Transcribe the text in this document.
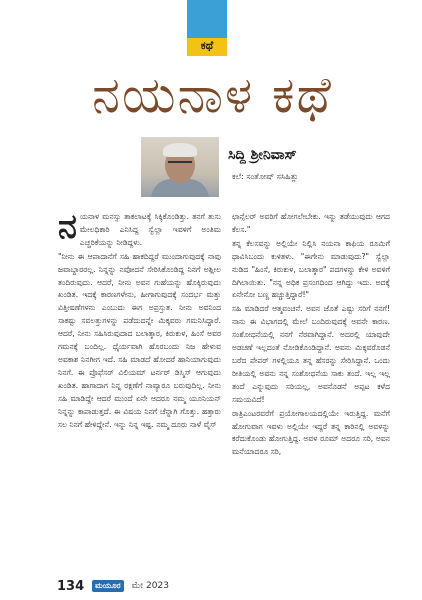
ಕಥೆ
ನಯನಾಳ ಕಥೆ
ಸಿದ್ದಿ ಶ್ರೀನಿವಾಸ್
ಕಲೆ: ಸಂತೋಷ್ ಸಸಿಹಿತ್ಲು
ನ ಯನಾಳ ಮನಸ್ಸು ತಾಕಲಾಟಕ್ಕೆ ಸಿಕ್ಕಿಕೊಂಡಿತ್ತು. ತನಗೆ ತುಸು ಮೇಲಧಿಕಾರಿ ಎನಿಸಿದ್ದ ಸ್ವೆಲ್ಲಾ ಇವಳಿಗೆ ಅಂತಿಮ ಎಚ್ಚರಿಕೆಯನ್ನು ನೀಡಿದ್ದಳು.

"ನೀನು ಈ ಆಪಾದಾನೆಗೆ ಸಹಿ ಹಾಕದಿದ್ದರೆ ಮುಂದಾಗುವುದಕ್ಕೆ ನಾವು ಜವಾಬ್ದಾರರಲ್ಲ. ನಿನ್ನನ್ನು ನವೋದನೆ ಸೇರಿಸಿಕೊಂಡಿದ್ದ ನಿನಗೆ ಅಶ್ಲೀಲ ತಂದಿರುವುದು. ಆದರೆ, ನೀನು ಅವನ ಗುಹೆಯನ್ನು ಹೊಕ್ಕಿರುವುದು ಖಂಡಿತ. ಇದಕ್ಕೆ ಕಾರಣಗಳೇನು, ಹೀಗಾಗುವುದಕ್ಕೆ ಸಂದರ್ಭ ಮತ್ತು ವಿತ್ತೀಷಣೆಗಳನು ಎಂಬುದು ಈಗ ಅಪ್ರಸ್ತುತ. ನೀನು ಅವನಿಂದ ಸಾಕಷ್ಟು ಸವಲತ್ತುಗಳನ್ನು ಪಡೆದುದನ್ನೇ ಮಿಕ್ಕವರು ಗಮನಿಸಿದ್ದಾರೆ. ಆದರೆ, ನೀನು ಸಹಿಸಿರುವುದಾದ ಬಲಾತ್ಕಾರ, ಕಿರುಕುಳ, ಹಿಂಸೆ ಅವರ ಗಮನಕ್ಕೆ ಬಂದಿಲ್ಲ. ಧೈರ್ಯವಾಗಿ ಹೊರಬಂದು ನಿಜ ಹೇಳುವ ಅವಕಾಶ ನಿನಗೀಗ ಇದೆ. ಸಹಿ ಮಾಡದೆ ಹೋದರೆ ಹಾನಿಯಾಗುವುದು ನಿನಗೆ. ಈ ಪ್ರೊಫೆಸರ್ ವಿಲಿಯಮ್ ಟರ್ನರ್ ಡಿಸ್ಮಿಸ್ ಆಗುವುದು ಖಂಡಿತ. ಹಾಗಾದಾಗ ನಿನ್ನ ರಕ್ಷಣೆಗೆ ನಾವ್ಯಾರೂ ಬರುವುದಿಲ್ಲ. ನೀನು ಸಹಿ ಮಾಡಿದ್ದೇ ಆದರೆ ಮುಂದೆ ಏನೇ ಆದರೂ ನಮ್ಮ ಯೂನಿಯನ್ ನಿನ್ನನ್ನು ಕಾಪಾಡುತ್ತದೆ. ಈ ವಿಷಯ ನಿನಗೆ ಚೆನ್ನಾಗಿ ಗೊತ್ತು. ಹತ್ತಾರು ಸಲ ನಿನಗೆ ಹೇಳಿದ್ದೇನೆ. ಇನ್ನು ನಿನ್ನ ಇಷ್ಟ. ನಮ್ಮ ದೂರು ನಾಳೆ ವೈಸ್

ಛಾನ್ಸೆಲರ್ ಅವರಿಗೆ ಹೋಗಲೇಬೇಕು. ಇನ್ನು ತಡೆಯುವುದು ಆಗದ ಕೆಲಸ."

ತನ್ನ ಕೆಲಸವನ್ನು ಅಲ್ಲಿಯೇ ನಿಲ್ಲಿಸಿ ನಯನಾ ಕಾಫಿಯ ರೂಮಿಗೆ ಧಾವಿಸಿಬಂದು ಕುಳಿತಳು. "ಈಗೇನು ಮಾಡುವುದು?" ಸ್ವೆಲ್ಲಾ ನುಡಿದ "ಹಿಂಸೆ, ಕಿರುಕುಳ, ಬಲಾತ್ಕಾರ" ಪದಗಳನ್ನು ಕೇಳಿ ಅವಳಿಗೆ ದಿಗಿಲಾಯಿತು. "ನನ್ನ ಅಧಿಕ ಪ್ರಸಂಗದಿಂದ ಆಗಿದ್ದು ಇದು. ಅದಕ್ಕೆ ಏನೇನೋ ಬಣ್ಣ ಹಚ್ಚುತ್ತಿದ್ದಾರೆ!"

ಸಹಿ ಮಾಡಿದರೆ ಆತ್ಮವಂಚನೆ. ಅವನ ಜೊತೆ ಎಷ್ಟು ಸರಿಗೆ ನನಗೆ! ನಾನು ಈ ವಿಭಾಗದಲ್ಲಿ ಮೇಲೆ ಬಂದಿರುವುದಕ್ಕೆ ಅವನೇ ಕಾರಣ. ಸಂಶೋಧನೆಯಲ್ಲಿ ನನಗೆ ನೆರವಾಗಿದ್ದಾನೆ. ಅದರಲ್ಲಿ ಯಾವುದೇ ಅಡಚಣೆ ಇಲ್ಲದಂತೆ ನೋಡಿಕೊಂಡಿದ್ದಾನೆ. ಅವನು ಮಿಕ್ಕವರೊಡನೆ ಬರೆದ ಪೇಪರ್ ಗಳಲ್ಲಿಯೂ ತನ್ನ ಹೆಸರನ್ನು ಸೇರಿಸಿದ್ದಾನೆ. ಒಂದು ರೀತಿಯಲ್ಲಿ ಅವನು ನನ್ನ ಸಂಶೋಧನೆಯ ಸಾಕು ತಂದೆ. ಇಲ್ಲ ಇಲ್ಲ ತಂದೆ ಎನ್ನುವುದು ಸರಿಯಲ್ಲ, ಅವನೊಡನೆ ಅಪ್ಪಟ ಕಳೆದ ಸಮಯವಿದೆ!

ರಾತ್ರಿಎಂಟರವರೆಗೆ ಪ್ರಯೋಗಾಲಯದಲ್ಲಿಯೇ ಇರುತ್ತಿದ್ದ. ಮನೆಗೆ ಹೋಗುವಾಗ ಇವಳು ಅಲ್ಲಿಯೇ ಇದ್ದರೆ ತನ್ನ ಕಾರಿನಲ್ಲಿ ಅವಳನ್ನು ಕರೆದುಕೊಂಡು ಹೋಗುತ್ತಿದ್ದ. ಅವಳ ರೂಮ್ ಅದರೂ ಸರಿ, ಅವನ ಮನೆಯಾದರೂ ಸರಿ,

134	ಮಯೂರ	ಮೇ 2023
